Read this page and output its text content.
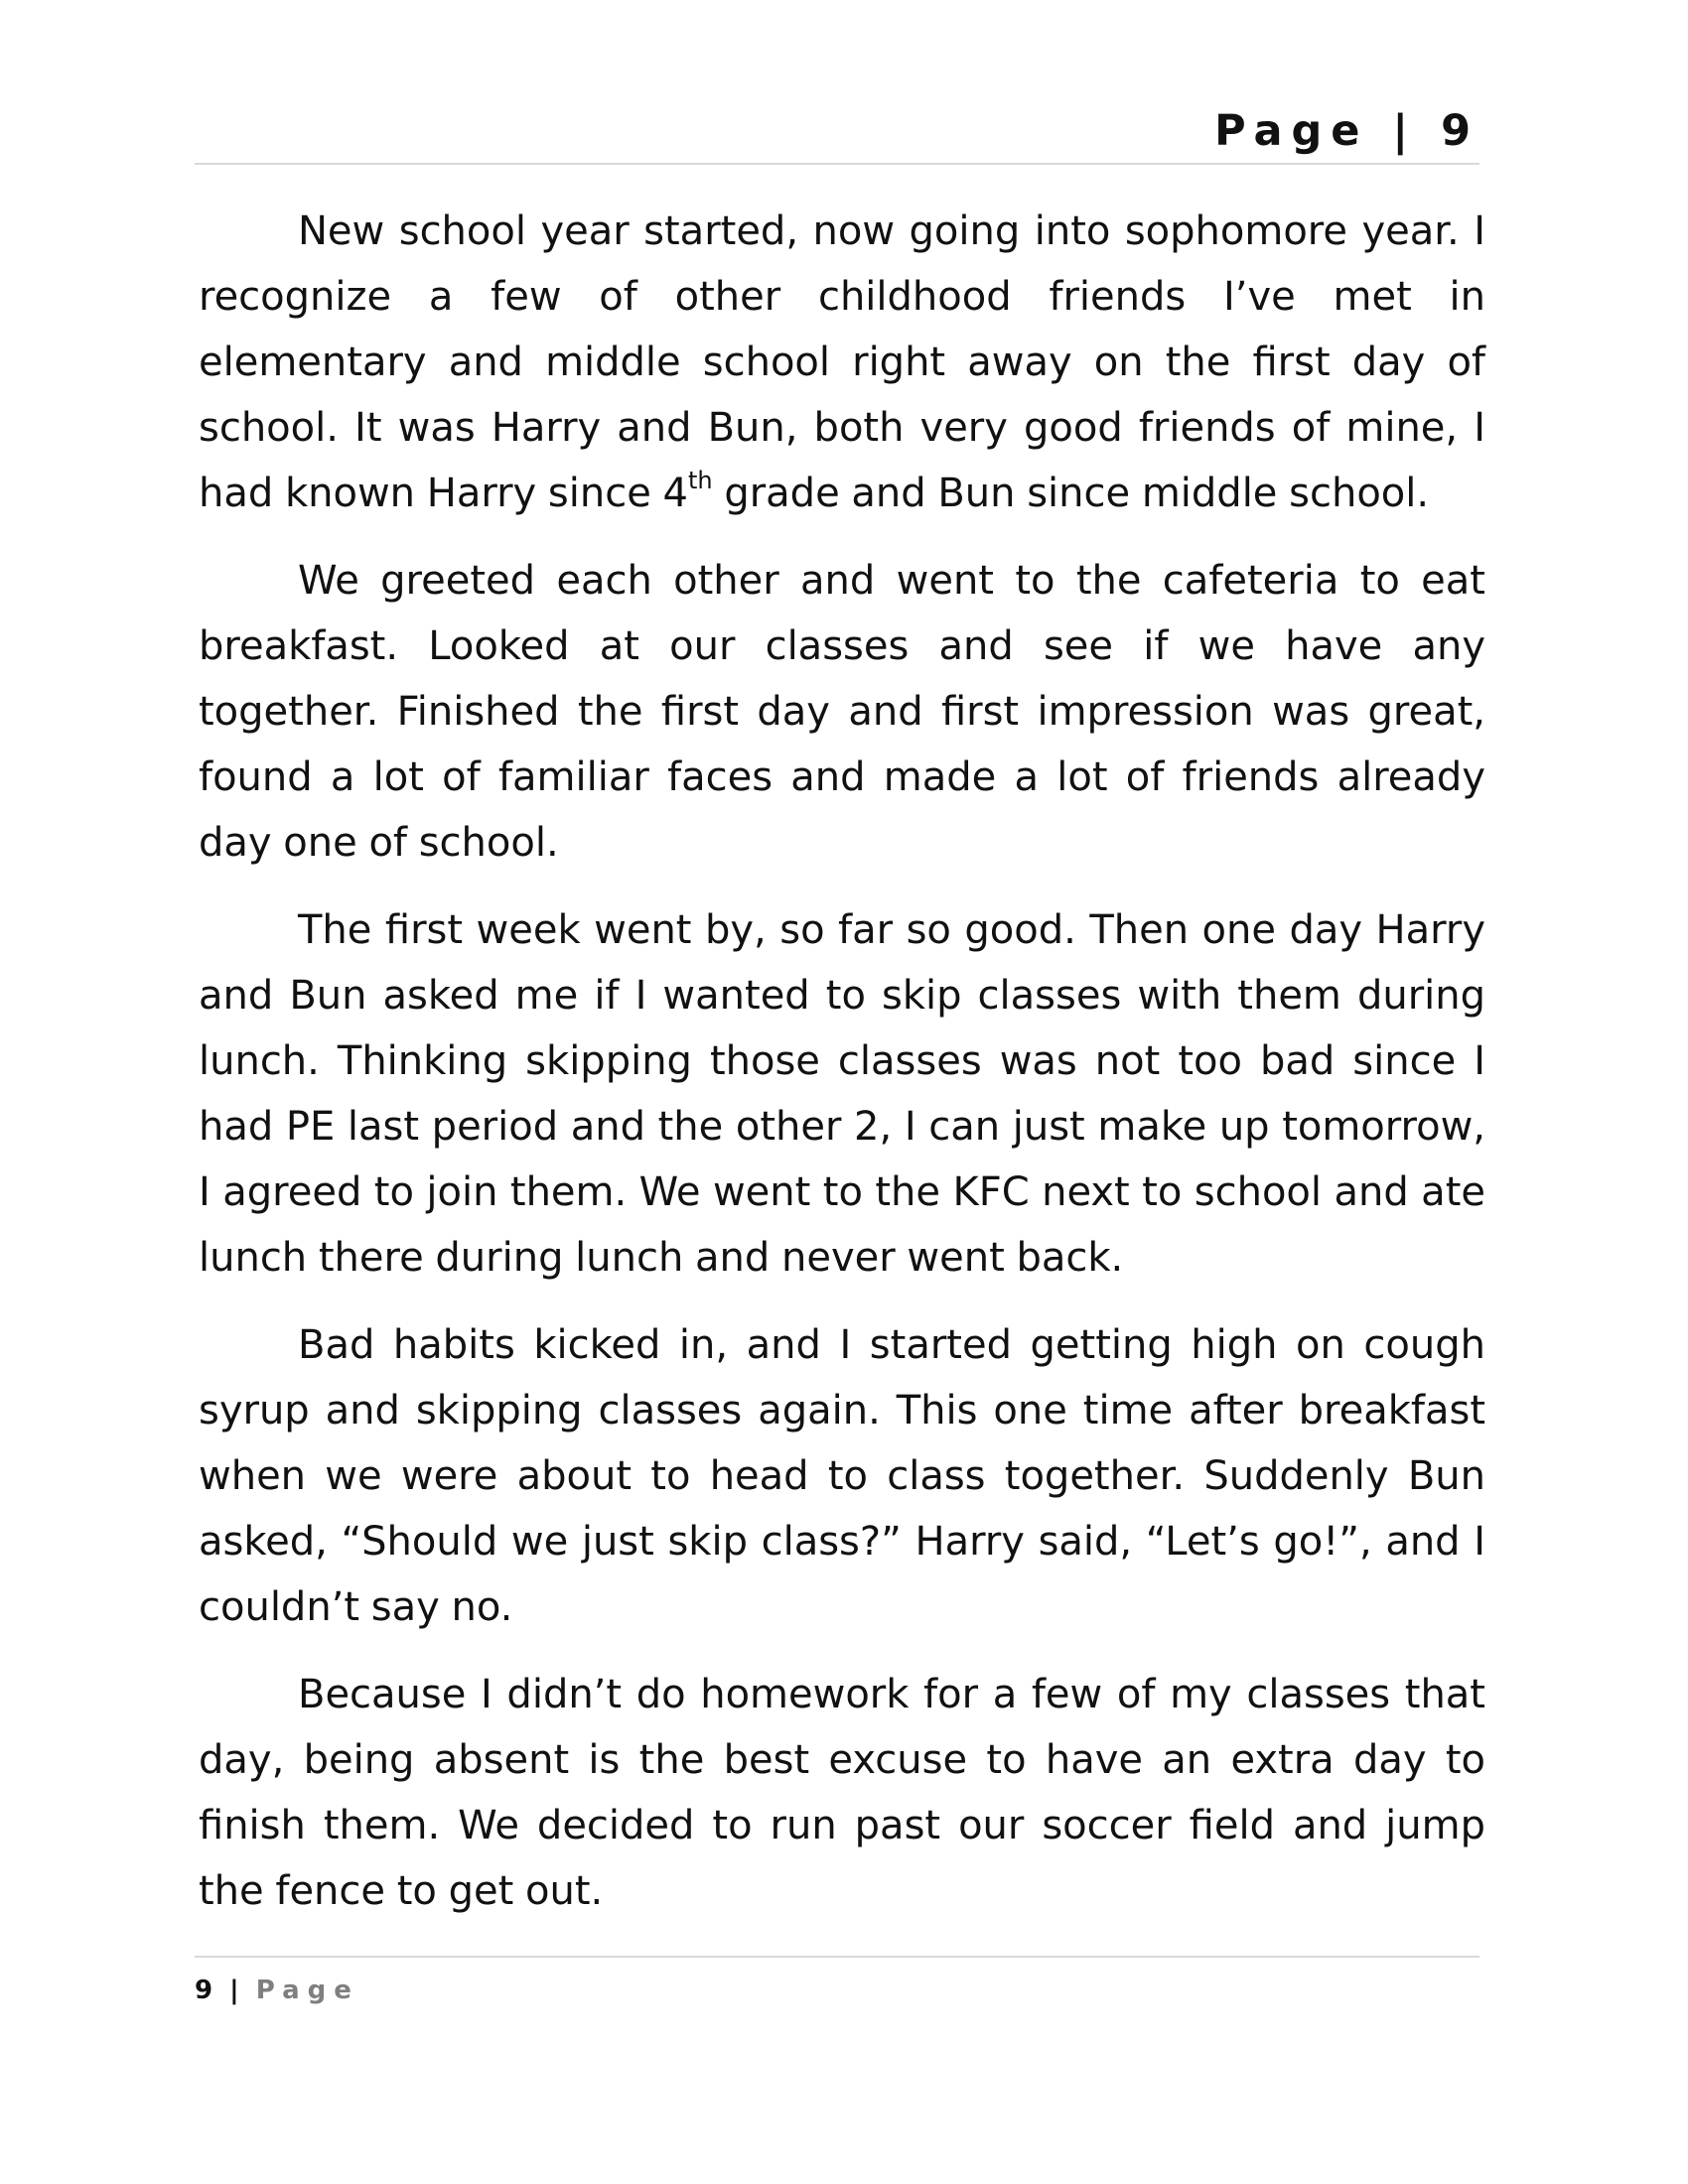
Page | 9

New school year started, now going into sophomore year. I recognize a few of other childhood friends I’ve met in elementary and middle school right away on the first day of school. It was Harry and Bun, both very good friends of mine, I had known Harry since 4th grade and Bun since middle school.

We greeted each other and went to the cafeteria to eat breakfast. Looked at our classes and see if we have any together. Finished the first day and first impression was great, found a lot of familiar faces and made a lot of friends already day one of school.

The first week went by, so far so good. Then one day Harry and Bun asked me if I wanted to skip classes with them during lunch. Thinking skipping those classes was not too bad since I had PE last period and the other 2, I can just make up tomorrow, I agreed to join them. We went to the KFC next to school and ate lunch there during lunch and never went back.

Bad habits kicked in, and I started getting high on cough syrup and skipping classes again. This one time after breakfast when we were about to head to class together. Suddenly Bun asked, “Should we just skip class?” Harry said, “Let’s go!”, and I couldn’t say no.

Because I didn’t do homework for a few of my classes that day, being absent is the best excuse to have an extra day to finish them. We decided to run past our soccer field and jump the fence to get out.

9 | Page
